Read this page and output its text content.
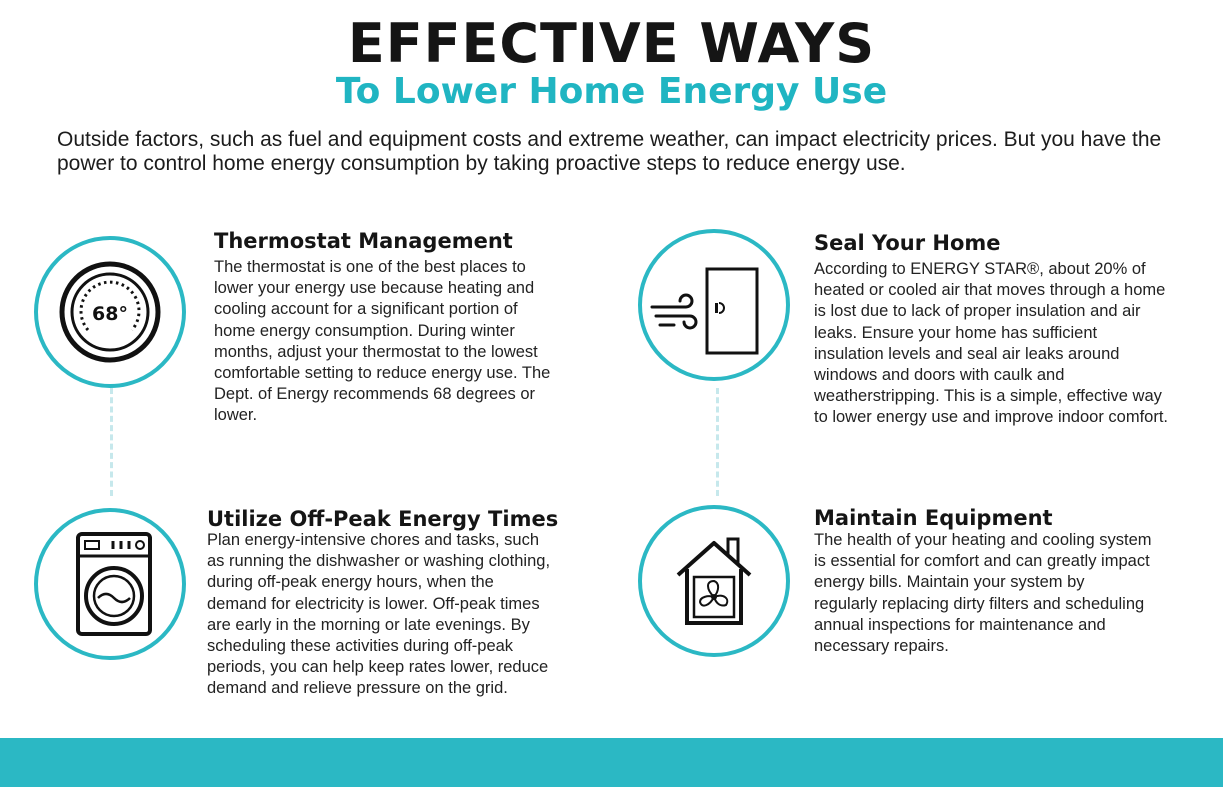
EFFECTIVE WAYS
To Lower Home Energy Use
Outside factors, such as fuel and equipment costs and extreme weather, can impact electricity prices. But you have the power to control home energy consumption by taking proactive steps to reduce energy use.
68°
Thermostat Management
The thermostat is one of the best places to lower your energy use because heating and cooling account for a significant portion of home energy consumption. During winter months, adjust your thermostat to the lowest comfortable setting to reduce energy use. The Dept. of Energy recommends 68 degrees or lower.
Seal Your Home
According to ENERGY STAR®, about 20% of heated or cooled air that moves through a home is lost due to lack of proper insulation and air leaks. Ensure your home has sufficient insulation levels and seal air leaks around windows and doors with caulk and weatherstripping. This is a simple, effective way to lower energy use and improve indoor comfort.
Utilize Off-Peak Energy Times
Plan energy-intensive chores and tasks, such as running the dishwasher or washing clothing, during off-peak energy hours, when the demand for electricity is lower. Off-peak times are early in the morning or late evenings. By scheduling these activities during off-peak periods, you can help keep rates lower, reduce demand and relieve pressure on the grid.
Maintain Equipment
The health of your heating and cooling system is essential for comfort and can greatly impact energy bills. Maintain your system by regularly replacing dirty filters and scheduling annual inspections for maintenance and necessary repairs.
